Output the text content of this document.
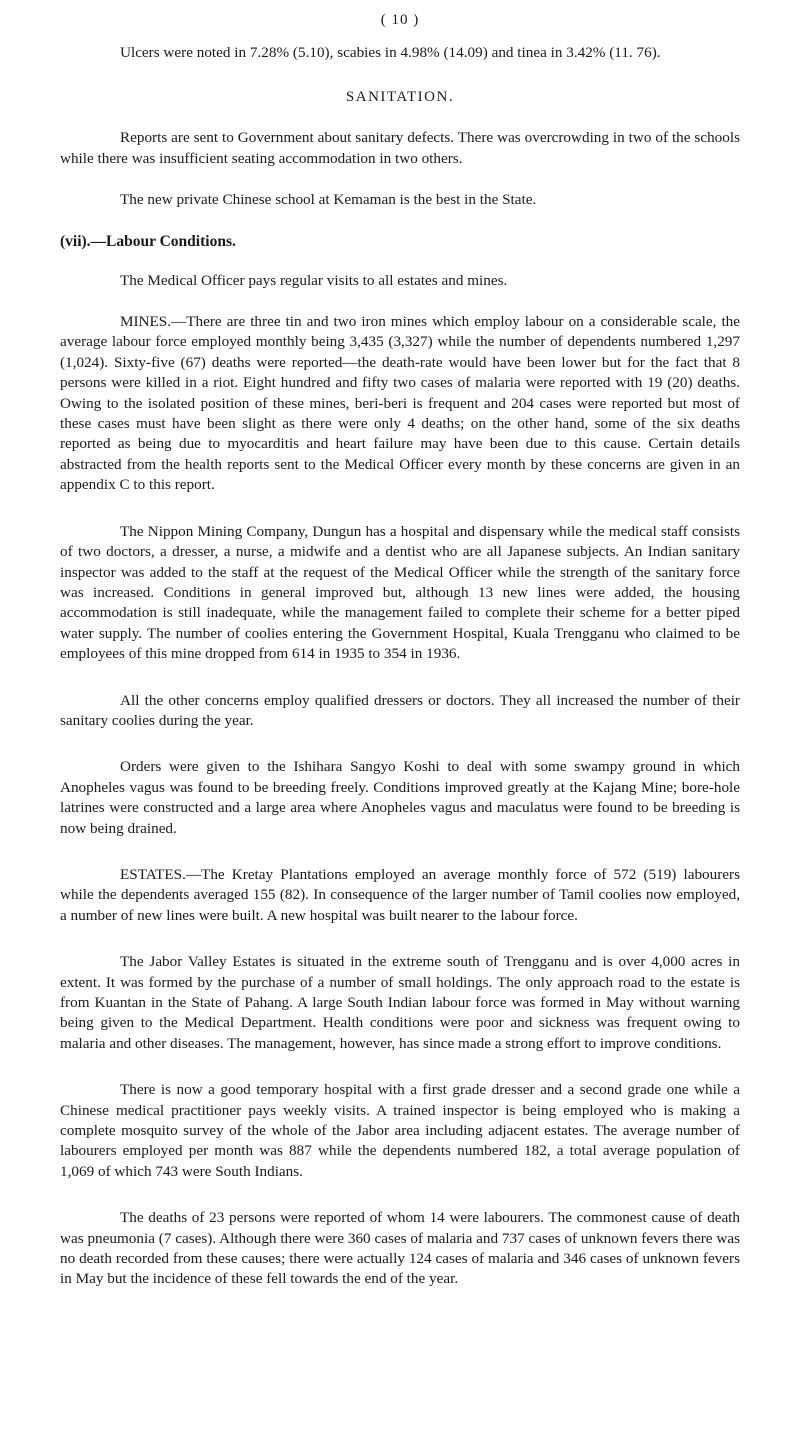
( 10 )

Ulcers were noted in 7.28% (5.10), scabies in 4.98% (14.09) and tinea in 3.42% (11. 76).

SANITATION.

Reports are sent to Government about sanitary defects. There was overcrowding in two of the schools while there was insufficient seating accommodation in two others.

The new private Chinese school at Kemaman is the best in the State.

(vii).—Labour Conditions.

The Medical Officer pays regular visits to all estates and mines.

MINES.—There are three tin and two iron mines which employ labour on a considerable scale, the average labour force employed monthly being 3,435 (3,327) while the number of dependents numbered 1,297 (1,024). Sixty-five (67) deaths were reported—the death-rate would have been lower but for the fact that 8 persons were killed in a riot. Eight hundred and fifty two cases of malaria were reported with 19 (20) deaths. Owing to the isolated position of these mines, beri-beri is frequent and 204 cases were reported but most of these cases must have been slight as there were only 4 deaths; on the other hand, some of the six deaths reported as being due to myocarditis and heart failure may have been due to this cause. Certain details abstracted from the health reports sent to the Medical Officer every month by these concerns are given in an appendix C to this report.

The Nippon Mining Company, Dungun has a hospital and dispensary while the medical staff consists of two doctors, a dresser, a nurse, a midwife and a dentist who are all Japanese subjects. An Indian sanitary inspector was added to the staff at the request of the Medical Officer while the strength of the sanitary force was increased. Conditions in general improved but, although 13 new lines were added, the housing accommodation is still inadequate, while the management failed to complete their scheme for a better piped water supply. The number of coolies entering the Government Hospital, Kuala Trengganu who claimed to be employees of this mine dropped from 614 in 1935 to 354 in 1936.

All the other concerns employ qualified dressers or doctors. They all increased the number of their sanitary coolies during the year.

Orders were given to the Ishihara Sangyo Koshi to deal with some swampy ground in which Anopheles vagus was found to be breeding freely. Conditions improved greatly at the Kajang Mine; bore-hole latrines were constructed and a large area where Anopheles vagus and maculatus were found to be breeding is now being drained.

ESTATES.—The Kretay Plantations employed an average monthly force of 572 (519) labourers while the dependents averaged 155 (82). In consequence of the larger number of Tamil coolies now employed, a number of new lines were built. A new hospital was built nearer to the labour force.

The Jabor Valley Estates is situated in the extreme south of Trengganu and is over 4,000 acres in extent. It was formed by the purchase of a number of small holdings. The only approach road to the estate is from Kuantan in the State of Pahang. A large South Indian labour force was formed in May without warning being given to the Medical Department. Health conditions were poor and sickness was frequent owing to malaria and other diseases. The management, however, has since made a strong effort to improve conditions.

There is now a good temporary hospital with a first grade dresser and a second grade one while a Chinese medical practitioner pays weekly visits. A trained inspector is being employed who is making a complete mosquito survey of the whole of the Jabor area including adjacent estates. The average number of labourers employed per month was 887 while the dependents numbered 182, a total average population of 1,069 of which 743 were South Indians.

The deaths of 23 persons were reported of whom 14 were labourers. The commonest cause of death was pneumonia (7 cases). Although there were 360 cases of malaria and 737 cases of unknown fevers there was no death recorded from these causes; there were actually 124 cases of malaria and 346 cases of unknown fevers in May but the incidence of these fell towards the end of the year.
